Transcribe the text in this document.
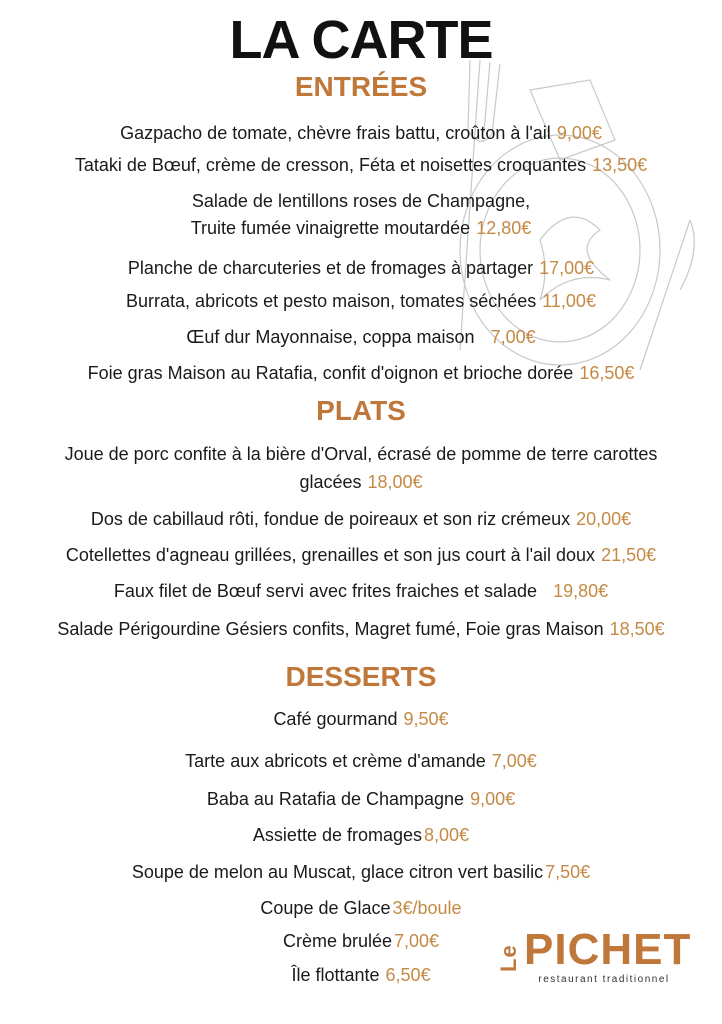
LA CARTE
ENTRÉES
Gazpacho de tomate, chèvre frais battu, croûton à l'ail 9,00€
Tataki de Bœuf, crème de cresson, Féta et noisettes croquantes 13,50€
Salade de lentillons roses de Champagne,
Truite fumée vinaigrette moutardée 12,80€
Planche de charcuteries et de fromages à partager 17,00€
Burrata, abricots et pesto maison, tomates séchées 11,00€
Œuf dur Mayonnaise, coppa maison 7,00€
Foie gras Maison au Ratafia, confit d'oignon et brioche dorée 16,50€
PLATS
Joue de porc confite à la bière d'Orval, écrasé de pomme de terre carottes
glacées 18,00€
Dos de cabillaud rôti, fondue de poireaux et son riz crémeux 20,00€
Cotellettes d'agneau grillées, grenailles et son jus court à l'ail doux 21,50€
Faux filet de Bœuf servi avec frites fraiches et salade 19,80€
Salade Périgourdine Gésiers confits, Magret fumé, Foie gras Maison 18,50€
DESSERTS
Café gourmand 9,50€
Tarte aux abricots et crème d'amande 7,00€
Baba au Ratafia de Champagne 9,00€
Assiette de fromages 8,00€
Soupe de melon au Muscat, glace citron vert basilic 7,50€
Coupe de Glace 3€/boule
Crème brulée 7,00€
Île flottante 6,50€
Le PICHET
restaurant traditionnel
